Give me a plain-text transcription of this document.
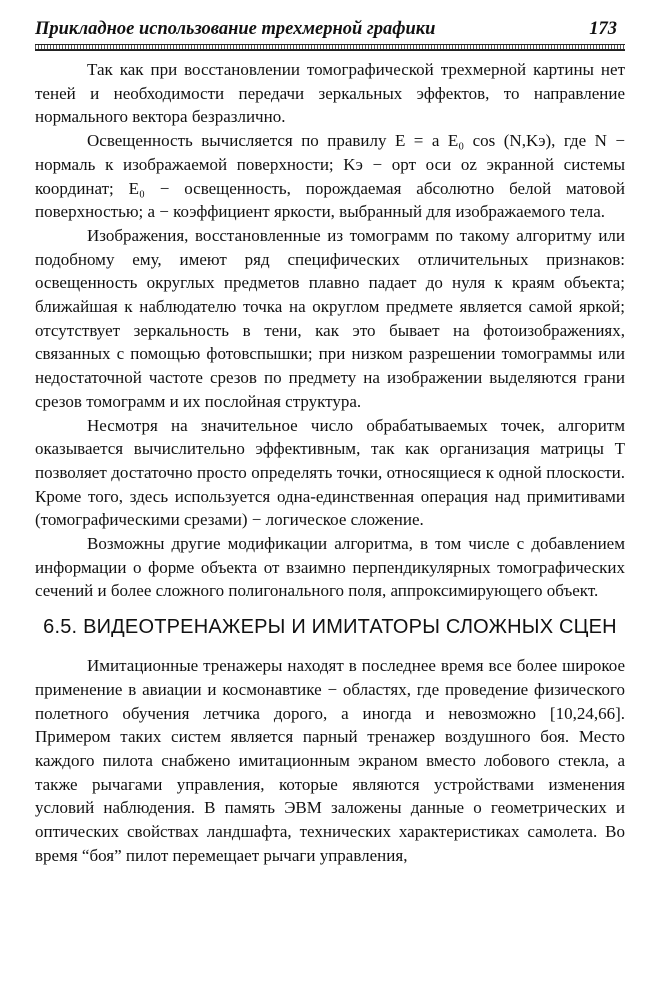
Прикладное использование трехмерной графики	173

Так как при восстановлении томографической трехмерной картины нет теней и необходимости передачи зеркальных эффектов, то направление нормального вектора безразлично.

Освещенность вычисляется по правилу E = a E₀ cos (N,Kэ), где N − нормаль к изображаемой поверхности; Kэ − орт оси oz экранной системы координат; E₀ − освещенность, порождаемая абсолютно белой матовой поверхностью; a − коэффициент яркости, выбранный для изображаемого тела.

Изображения, восстановленные из томограмм по такому алгоритму или подобному ему, имеют ряд специфических отличительных признаков: освещенность округлых предметов плавно падает до нуля к краям объекта; ближайшая к наблюдателю точка на округлом предмете является самой яркой; отсутствует зеркальность в тени, как это бывает на фотоизображениях, связанных с помощью фотовспышки; при низком разрешении томограммы или недостаточной частоте срезов по предмету на изображении выделяются грани срезов томограмм и их послойная структура.

Несмотря на значительное число обрабатываемых точек, алгоритм оказывается вычислительно эффективным, так как организация матрицы T позволяет достаточно просто определять точки, относящиеся к одной плоскости. Кроме того, здесь используется одна-единственная операция над примитивами (томографическими срезами) − логическое сложение.

Возможны другие модификации алгоритма, в том числе с добавлением информации о форме объекта от взаимно перпендикулярных томографических сечений и более сложного полигонального поля, аппроксимирующего объект.

6.5. ВИДЕОТРЕНАЖЕРЫ И ИМИТАТОРЫ СЛОЖНЫХ СЦЕН

Имитационные тренажеры находят в последнее время все более широкое применение в авиации и космонавтике − областях, где проведение физического полетного обучения летчика дорого, а иногда и невозможно [10,24,66]. Примером таких систем является парный тренажер воздушного боя. Место каждого пилота снабжено имитационным экраном вместо лобового стекла, а также рычагами управления, которые являются устройствами изменения условий наблюдения. В память ЭВМ заложены данные о геометрических и оптических свойствах ландшафта, технических характеристиках самолета. Во время “боя” пилот перемещает рычаги управления,
